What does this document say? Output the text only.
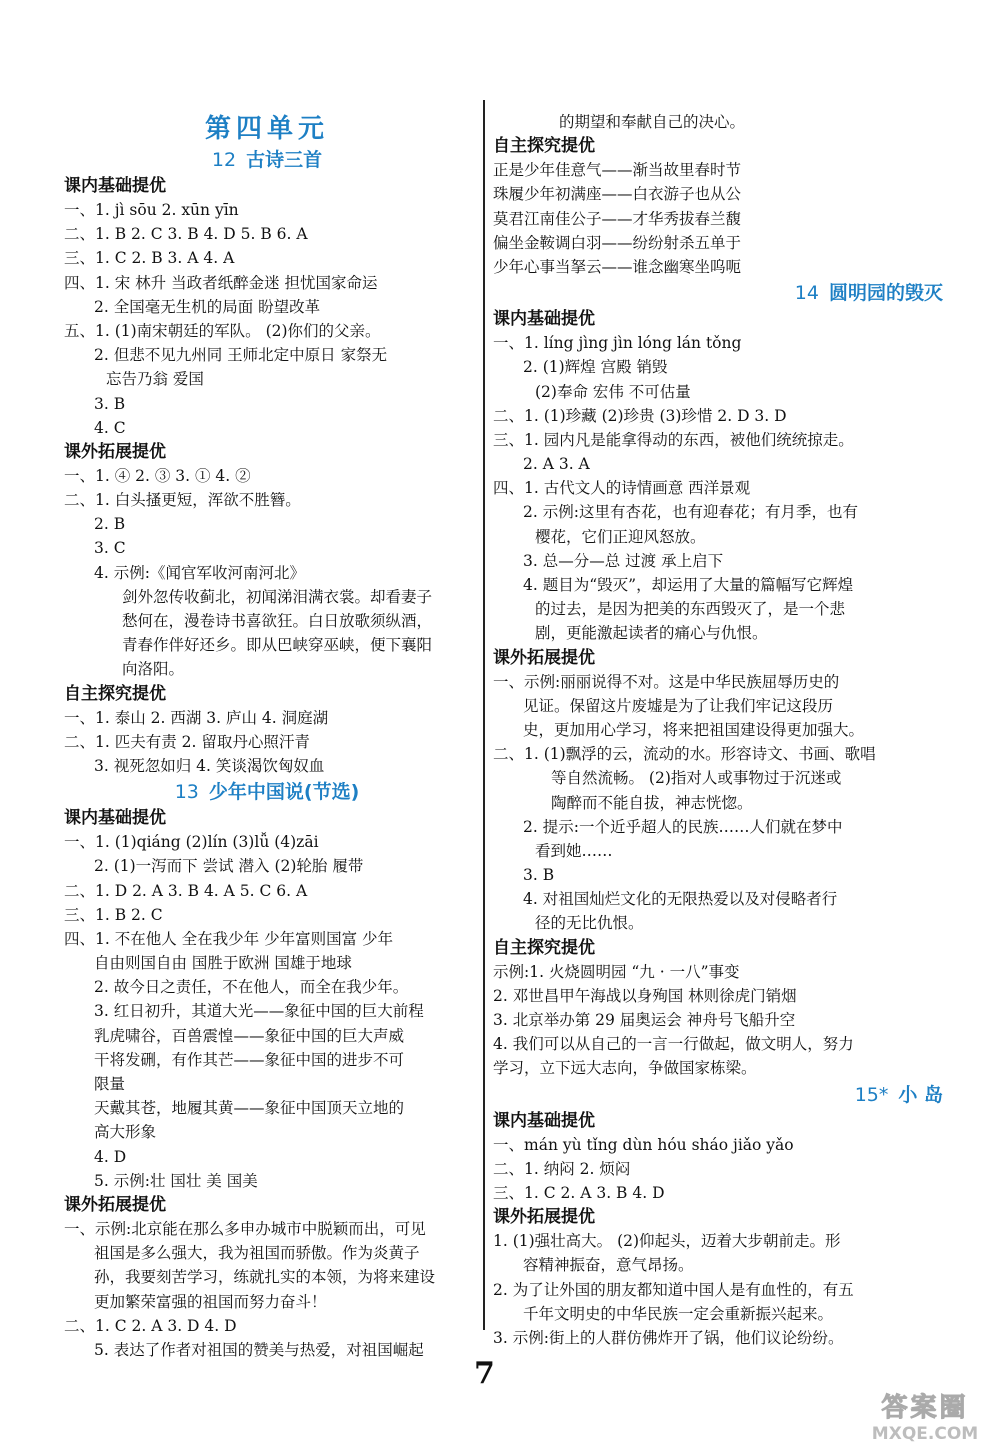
第四单元
12 古诗三首
课内基础提优
一、1. jì sōu 2. xūn yīn
二、1. B 2. C 3. B 4. D 5. B 6. A
三、1. C 2. B 3. A 4. A
四、1. 宋 林升 当政者纸醉金迷 担忧国家命运
2. 全国毫无生机的局面 盼望改革
五、1. (1)南宋朝廷的军队。 (2)你们的父亲。
2. 但悲不见九州同 王师北定中原日 家祭无
忘告乃翁 爱国
3. B
4. C
课外拓展提优
一、1. ④ 2. ③ 3. ① 4. ②
二、1. 白头搔更短，浑欲不胜簪。
2. B
3. C
4. 示例:《闻官军收河南河北》
剑外忽传收蓟北，初闻涕泪满衣裳。却看妻子
愁何在，漫卷诗书喜欲狂。白日放歌须纵酒，
青春作伴好还乡。即从巴峡穿巫峡，便下襄阳
向洛阳。
自主探究提优
一、1. 泰山 2. 西湖 3. 庐山 4. 洞庭湖
二、1. 匹夫有责 2. 留取丹心照汗青
3. 视死忽如归 4. 笑谈渴饮匈奴血
13 少年中国说(节选)
课内基础提优
一、1. (1)qiáng (2)lín (3)lǚ (4)zāi
2. (1)一泻而下 尝试 潜入 (2)轮胎 履带
二、1. D 2. A 3. B 4. A 5. C 6. A
三、1. B 2. C
四、1. 不在他人 全在我少年 少年富则国富 少年
自由则国自由 国胜于欧洲 国雄于地球
2. 故今日之责任，不在他人，而全在我少年。
3. 红日初升，其道大光——象征中国的巨大前程
乳虎啸谷，百兽震惶——象征中国的巨大声威
干将发硎，有作其芒——象征中国的进步不可
限量
天戴其苍，地履其黄——象征中国顶天立地的
高大形象
4. D
5. 示例:壮 国壮 美 国美
课外拓展提优
一、示例:北京能在那么多申办城市中脱颖而出，可见
祖国是多么强大，我为祖国而骄傲。作为炎黄子
孙，我要刻苦学习，练就扎实的本领，为将来建设
更加繁荣富强的祖国而努力奋斗！
二、1. C 2. A 3. D 4. D
5. 表达了作者对祖国的赞美与热爱，对祖国崛起
的期望和奉献自己的决心。
自主探究提优
正是少年佳意气——渐当故里春时节
珠履少年初满座——白衣游子也从公
莫君江南佳公子——才华秀拔春兰馥
偏坐金鞍调白羽——纷纷射杀五单于
少年心事当拏云——谁念幽寒坐呜呃
14 圆明园的毁灭
课内基础提优
一、1. líng jìng jìn lóng lán tǒng
2. (1)辉煌 宫殿 销毁
(2)奉命 宏伟 不可估量
二、1. (1)珍藏 (2)珍贵 (3)珍惜 2. D 3. D
三、1. 园内凡是能拿得动的东西，被他们统统掠走。
2. A 3. A
四、1. 古代文人的诗情画意 西洋景观
2. 示例:这里有杏花，也有迎春花；有月季，也有
樱花，它们正迎风怒放。
3. 总—分—总 过渡 承上启下
4. 题目为“毁灭”，却运用了大量的篇幅写它辉煌
的过去，是因为把美的东西毁灭了，是一个悲
剧，更能激起读者的痛心与仇恨。
课外拓展提优
一、示例:丽丽说得不对。这是中华民族屈辱历史的
见证。保留这片废墟是为了让我们牢记这段历
史，更加用心学习，将来把祖国建设得更加强大。
二、1. (1)飘浮的云，流动的水。形容诗文、书画、歌唱
等自然流畅。 (2)指对人或事物过于沉迷或
陶醉而不能自拔，神志恍惚。
2. 提示:一个近乎超人的民族……人们就在梦中
看到她……
3. B
4. 对祖国灿烂文化的无限热爱以及对侵略者行
径的无比仇恨。
自主探究提优
示例:1. 火烧圆明园 “九 · 一八”事变
2. 邓世昌甲午海战以身殉国 林则徐虎门销烟
3. 北京举办第 29 届奥运会 神舟号飞船升空
4. 我们可以从自己的一言一行做起，做文明人，努力
学习，立下远大志向，争做国家栋梁。
15* 小 岛
课内基础提优
一、mán yù tǐng dùn hóu sháo jiǎo yǎo
二、1. 纳闷 2. 烦闷
三、1. C 2. A 3. B 4. D
课外拓展提优
1. (1)强壮高大。 (2)仰起头，迈着大步朝前走。形
容精神振奋，意气昂扬。
2. 为了让外国的朋友都知道中国人是有血性的，有五
千年文明史的中华民族一定会重新振兴起来。
3. 示例:街上的人群仿佛炸开了锅，他们议论纷纷。
7
答案圈
MXQE.COM
